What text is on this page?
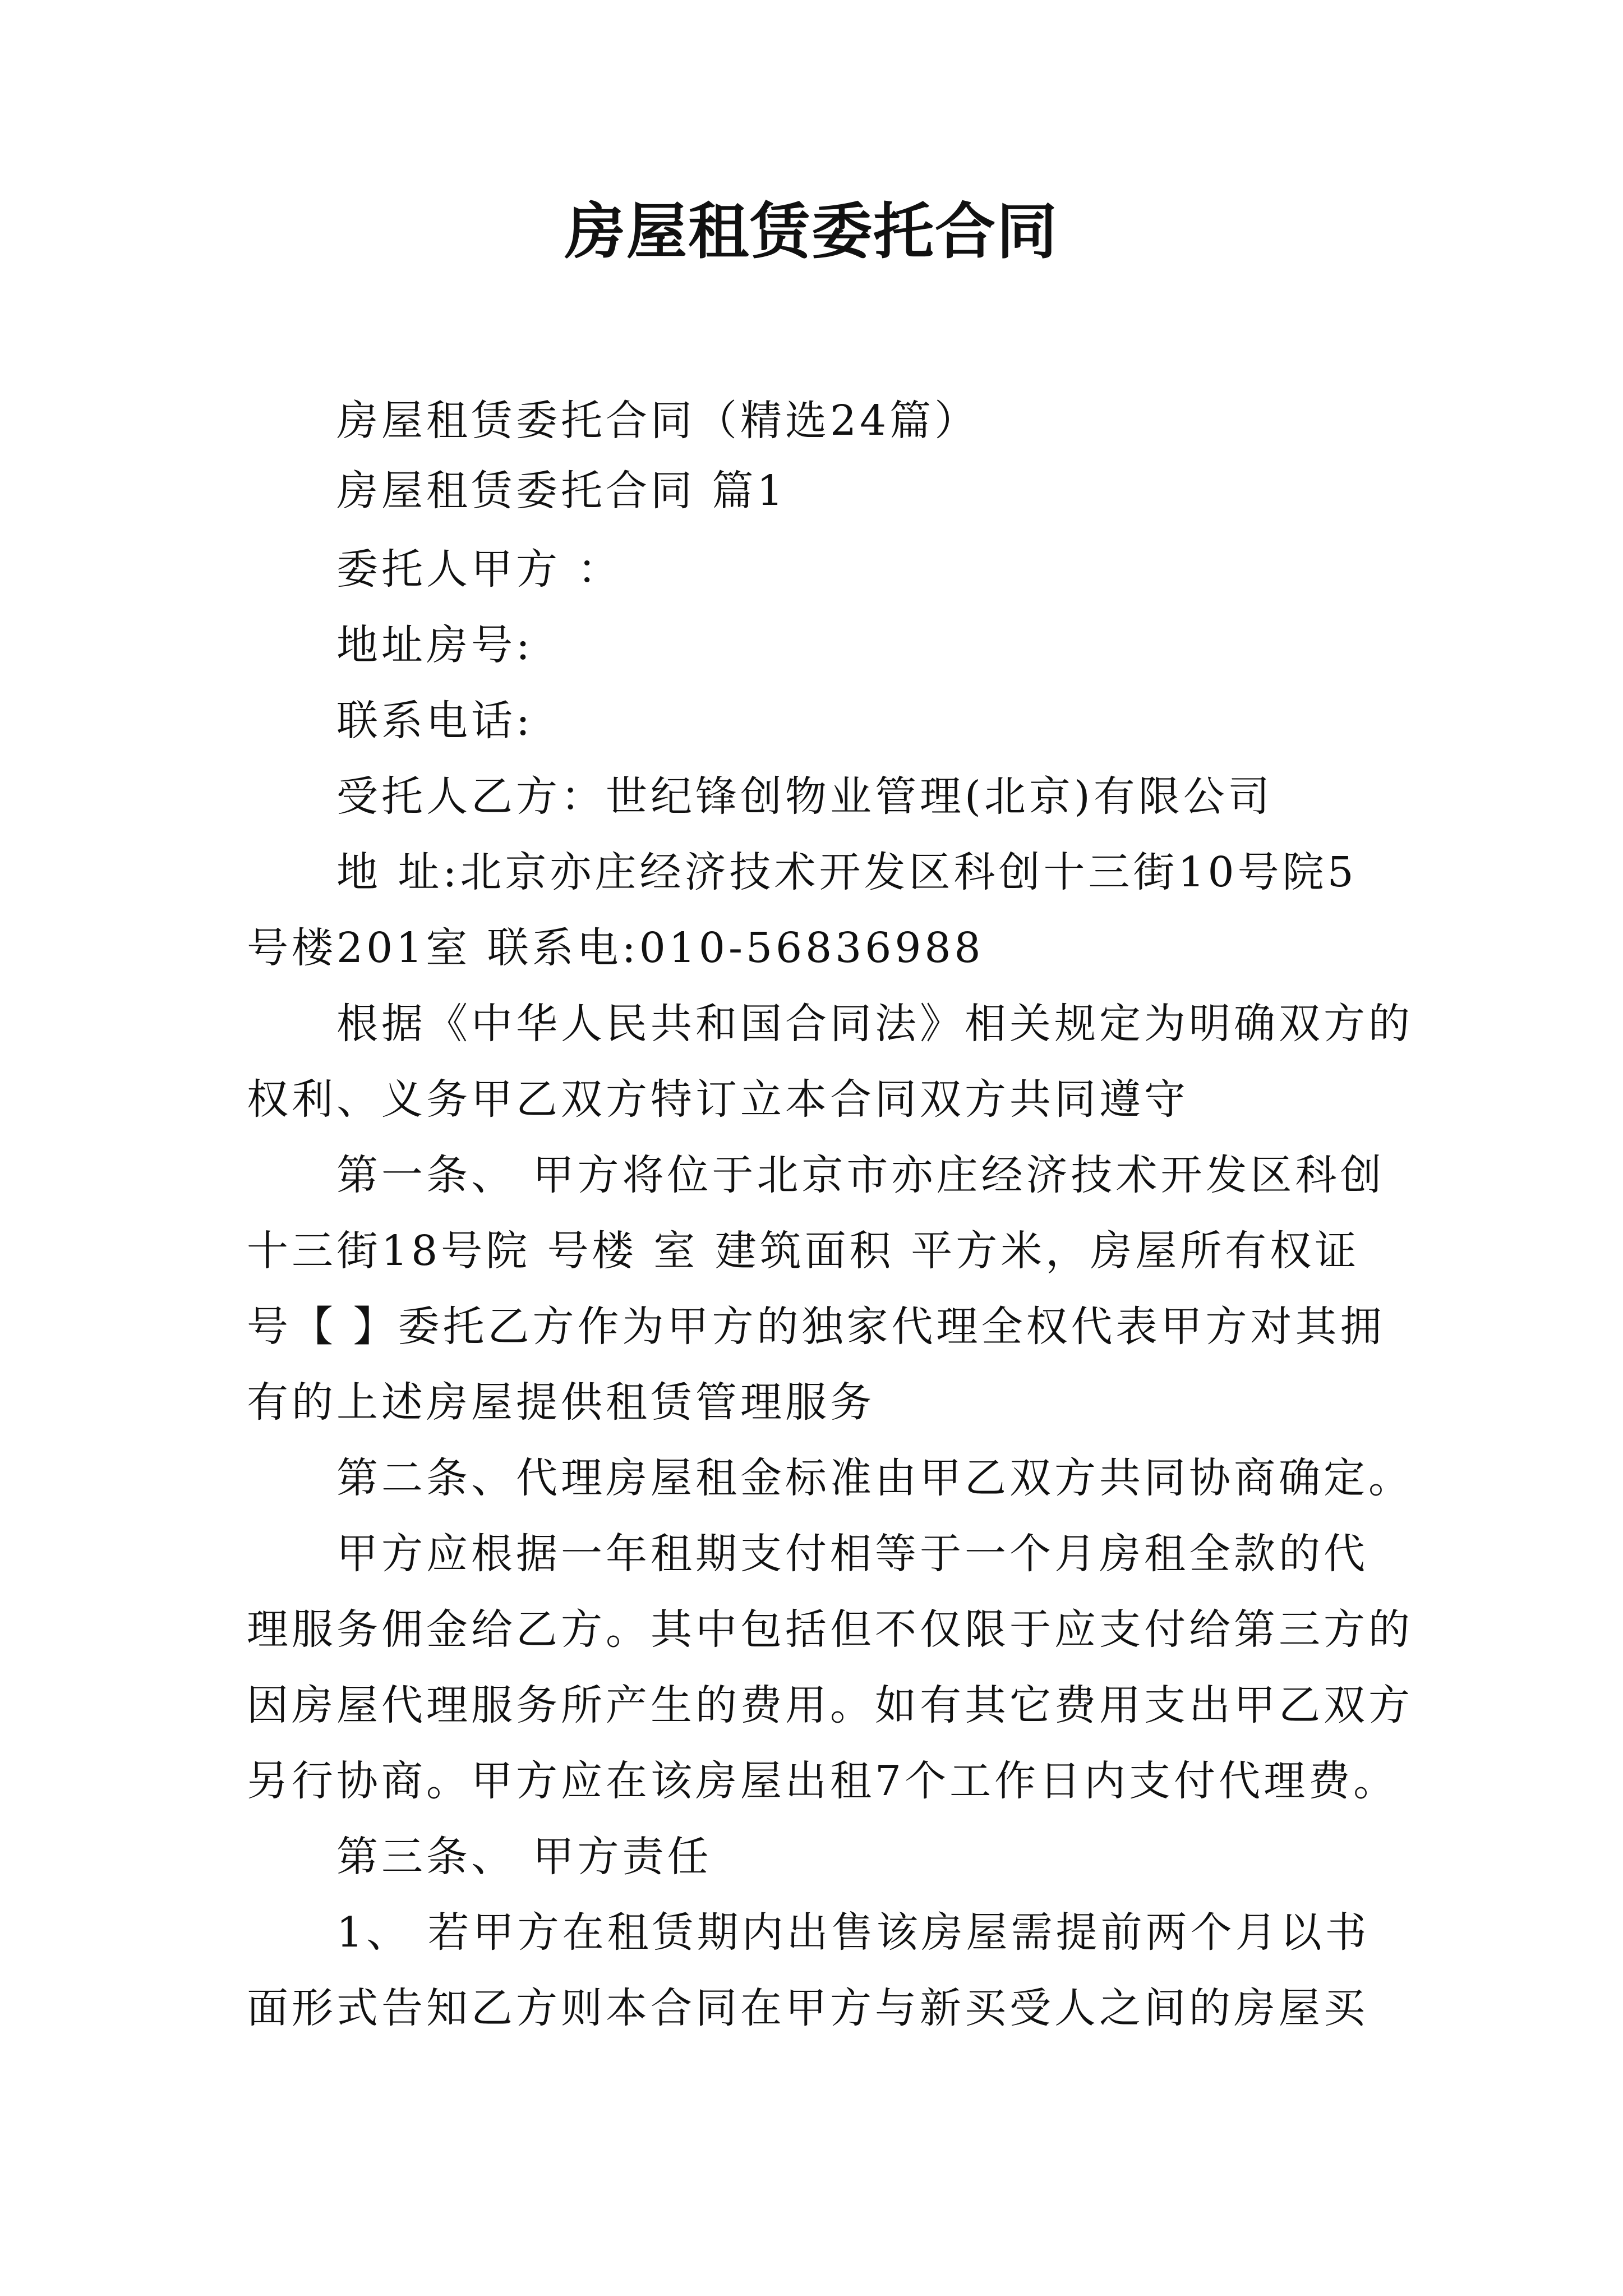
房屋租赁委托合同

房屋租赁委托合同（精选24篇）

房屋租赁委托合同 篇1

委托人甲方 ：

地址房号:

联系电话:

受托人乙方：世纪锋创物业管理(北京)有限公司

地 址:北京亦庄经济技术开发区科创十三街10号院5

号楼201室 联系电:010-56836988

根据《中华人民共和国合同法》相关规定为明确双方的

权利、义务甲乙双方特订立本合同双方共同遵守

第一条、 甲方将位于北京市亦庄经济技术开发区科创

十三街18号院 号楼 室 建筑面积 平方米，房屋所有权证

号【 】委托乙方作为甲方的独家代理全权代表甲方对其拥

有的上述房屋提供租赁管理服务

第二条、代理房屋租金标准由甲乙双方共同协商确定。

甲方应根据一年租期支付相等于一个月房租全款的代

理服务佣金给乙方。其中包括但不仅限于应支付给第三方的

因房屋代理服务所产生的费用。如有其它费用支出甲乙双方

另行协商。甲方应在该房屋出租7个工作日内支付代理费。

第三条、 甲方责任

1、 若甲方在租赁期内出售该房屋需提前两个月以书

面形式告知乙方则本合同在甲方与新买受人之间的房屋买
